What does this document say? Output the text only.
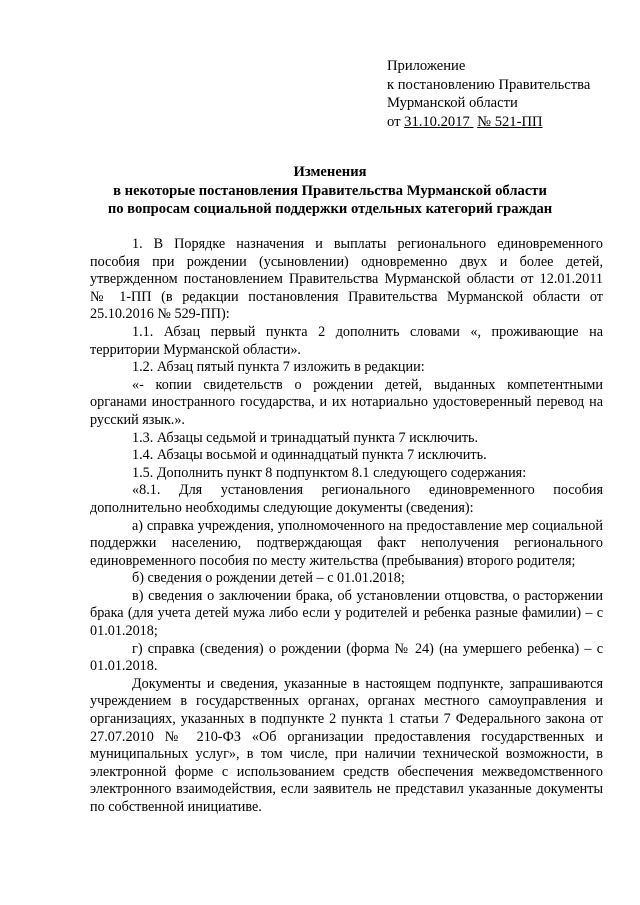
Приложение
к постановлению Правительства
Мурманской области
от 31.10.2017 № 521-ПП
Изменения
в некоторые постановления Правительства Мурманской области
по вопросам социальной поддержки отдельных категорий граждан

1. В Порядке назначения и выплаты регионального единовременного пособия при рождении (усыновлении) одновременно двух и более детей, утвержденном постановлением Правительства Мурманской области от 12.01.2011 № 1-ПП (в редакции постановления Правительства Мурманской области от 25.10.2016 № 529-ПП):

1.1. Абзац первый пункта 2 дополнить словами «, проживающие на территории Мурманской области».

1.2. Абзац пятый пункта 7 изложить в редакции:

«- копии свидетельств о рождении детей, выданных компетентными органами иностранного государства, и их нотариально удостоверенный перевод на русский язык.».

1.3. Абзацы седьмой и тринадцатый пункта 7 исключить.

1.4. Абзацы восьмой и одиннадцатый пункта 7 исключить.

1.5. Дополнить пункт 8 подпунктом 8.1 следующего содержания:

«8.1. Для установления регионального единовременного пособия дополнительно необходимы следующие документы (сведения):

а) справка учреждения, уполномоченного на предоставление мер социальной поддержки населению, подтверждающая факт неполучения регионального единовременного пособия по месту жительства (пребывания) второго родителя;

б) сведения о рождении детей – с 01.01.2018;

в) сведения о заключении брака, об установлении отцовства, о расторжении брака (для учета детей мужа либо если у родителей и ребенка разные фамилии) – с 01.01.2018;

г) справка (сведения) о рождении (форма № 24) (на умершего ребенка) – с 01.01.2018.

Документы и сведения, указанные в настоящем подпункте, запрашиваются учреждением в государственных органах, органах местного самоуправления и организациях, указанных в подпункте 2 пункта 1 статьи 7 Федерального закона от 27.07.2010 № 210-ФЗ «Об организации предоставления государственных и муниципальных услуг», в том числе, при наличии технической возможности, в электронной форме с использованием средств обеспечения межведомственного электронного взаимодействия, если заявитель не представил указанные документы по собственной инициативе.
